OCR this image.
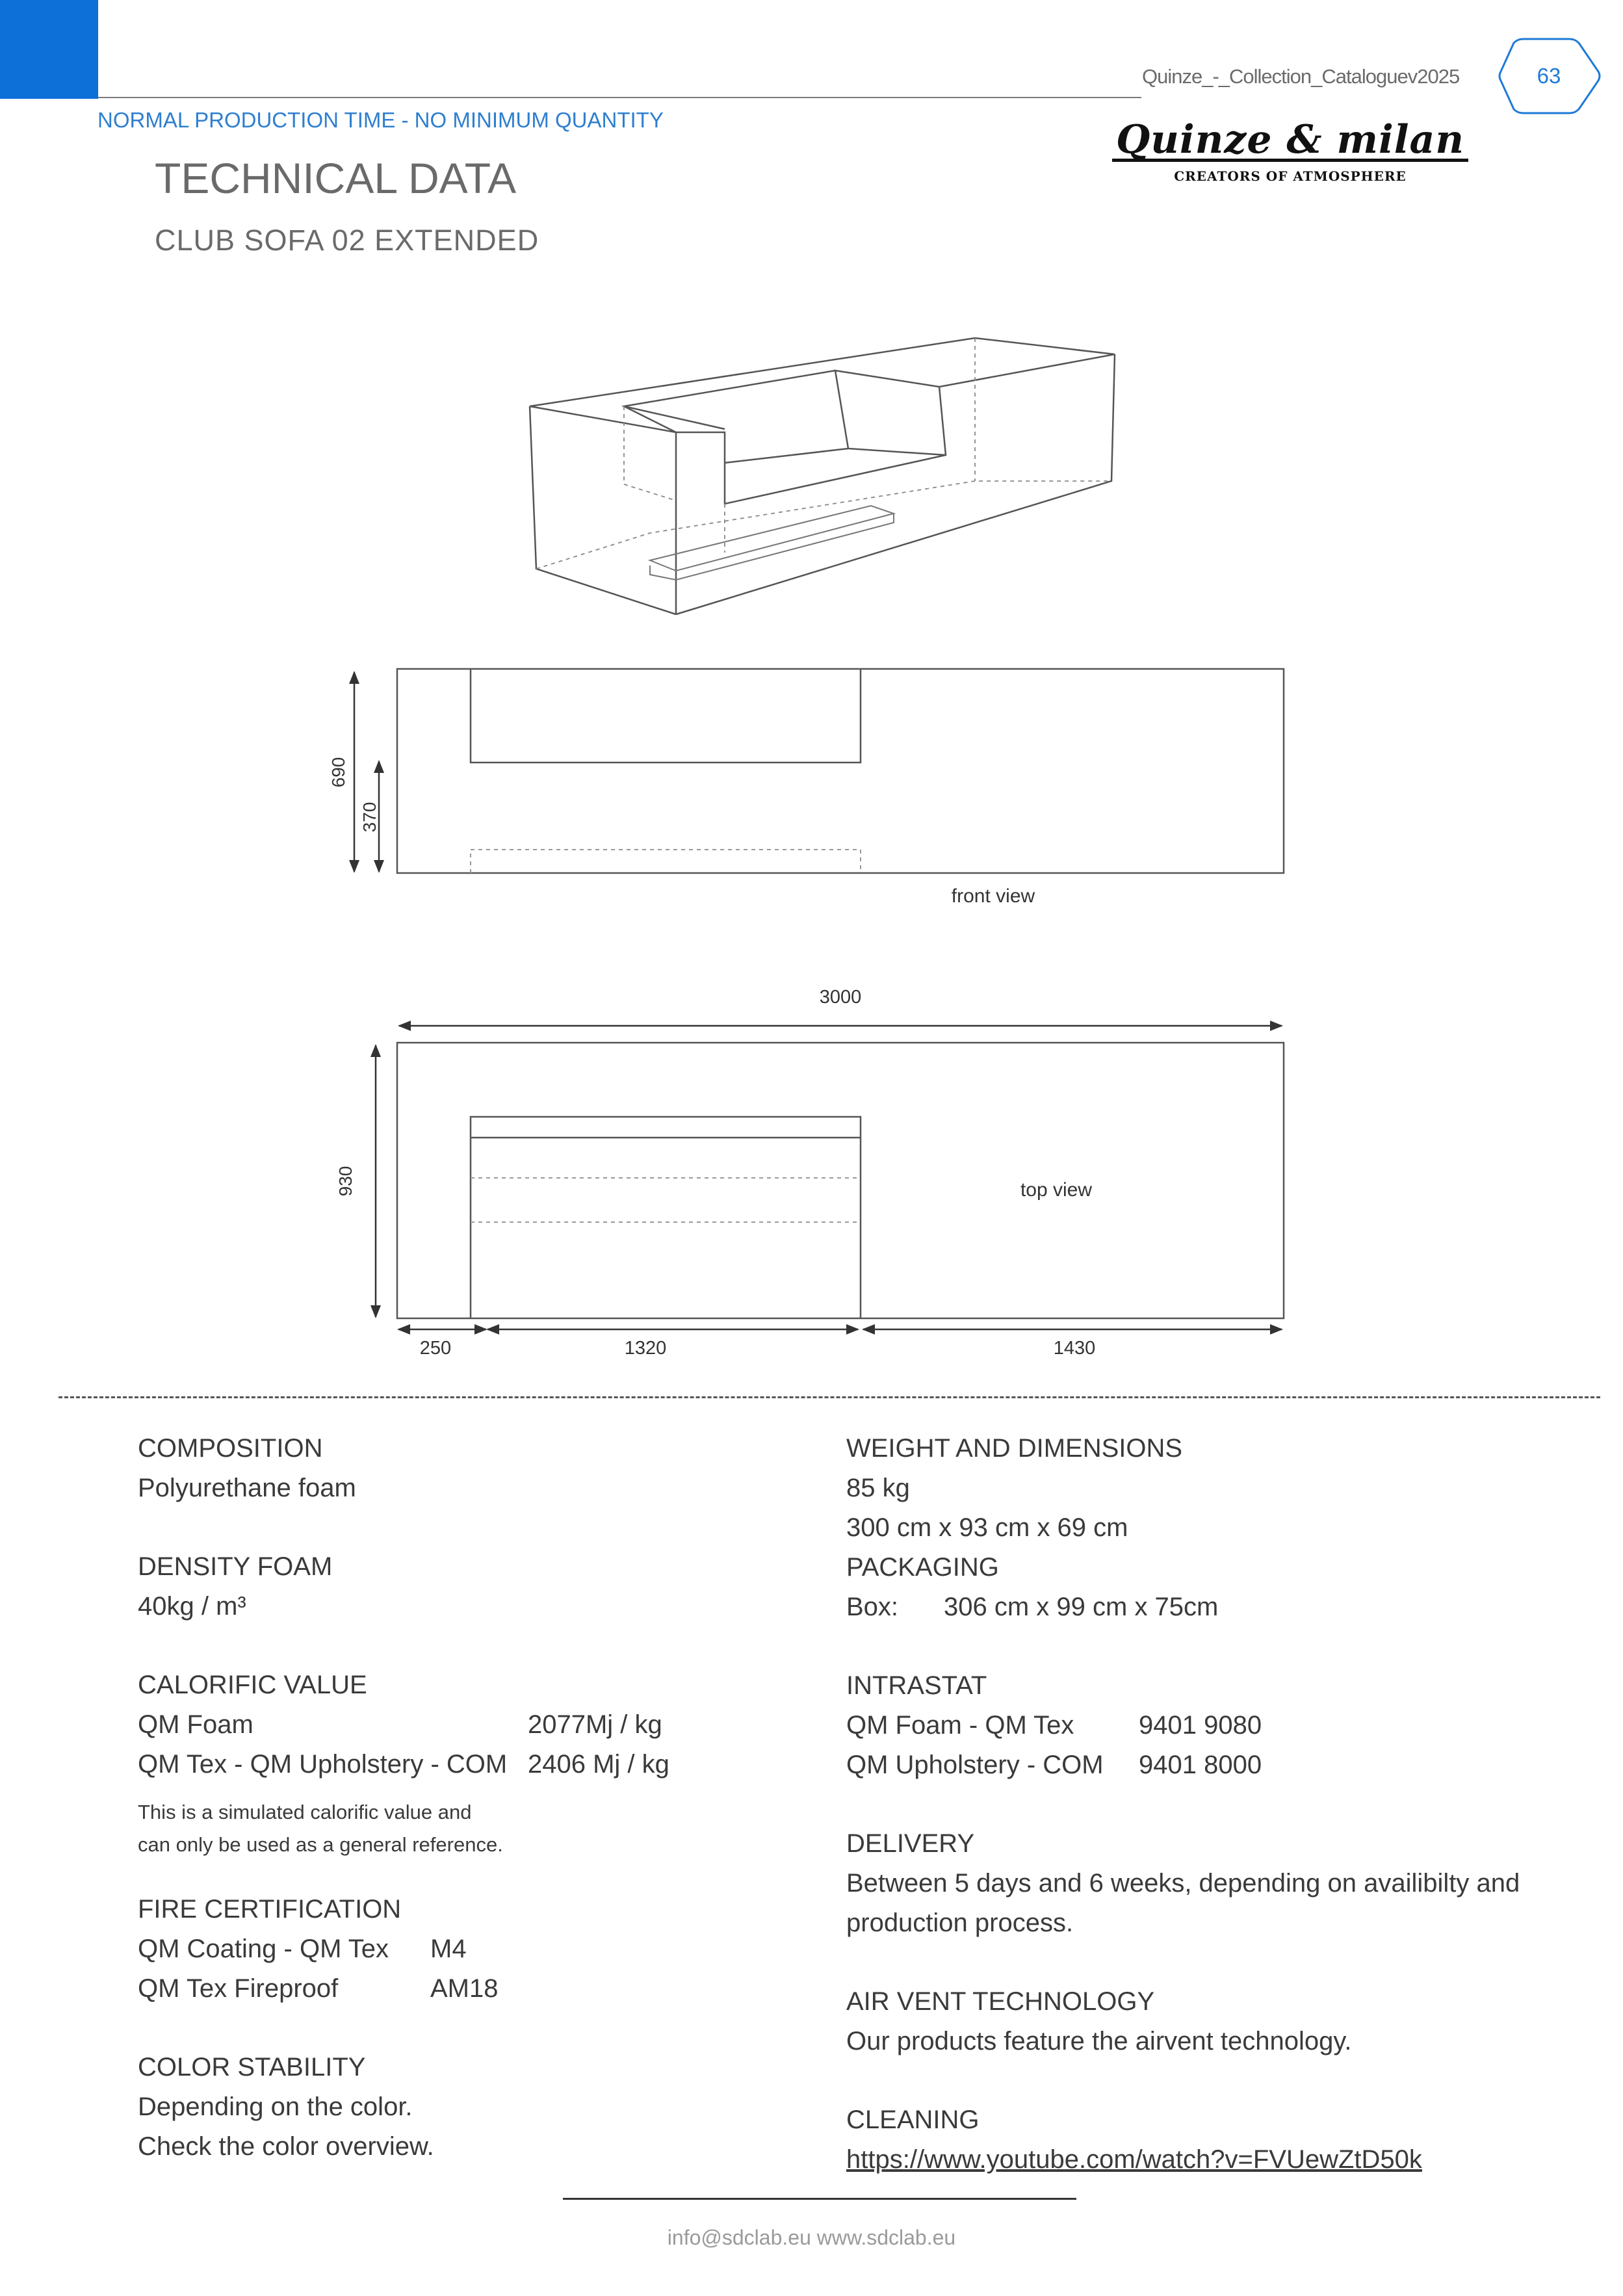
Quinze_-_Collection_Cataloguev2025	63
NORMAL PRODUCTION TIME - NO MINIMUM QUANTITY
TECHNICAL DATA
CLUB SOFA 02 EXTENDED
Quinze & milan
CREATORS OF ATMOSPHERE
690
370
front view
3000
930	top view
250	1320	1430
COMPOSITION
Polyurethane foam
DENSITY FOAM
40kg / m³
CALORIFIC VALUE
QM Foam	2077Mj / kg
QM Tex - QM Upholstery - COM 2406 Mj / kg
This is a simulated calorific value and
can only be used as a general reference.
FIRE CERTIFICATION
QM Coating - QM Tex	M4
QM Tex Fireproof	AM18
COLOR STABILITY
Depending on the color.
Check the color overview.
WEIGHT AND DIMENSIONS
85 kg
300 cm x 93 cm x 69 cm
PACKAGING
Box:	306 cm x 99 cm x 75cm
INTRASTAT
QM Foam - QM Tex	9401 9080
QM Upholstery - COM	9401 8000
DELIVERY
Between 5 days and 6 weeks, depending on availibilty and
production process.
AIR VENT TECHNOLOGY
Our products feature the airvent technology.
CLEANING
https://www.youtube.com/watch?v=FVUewZtD50k
info@sdclab.eu www.sdclab.eu
